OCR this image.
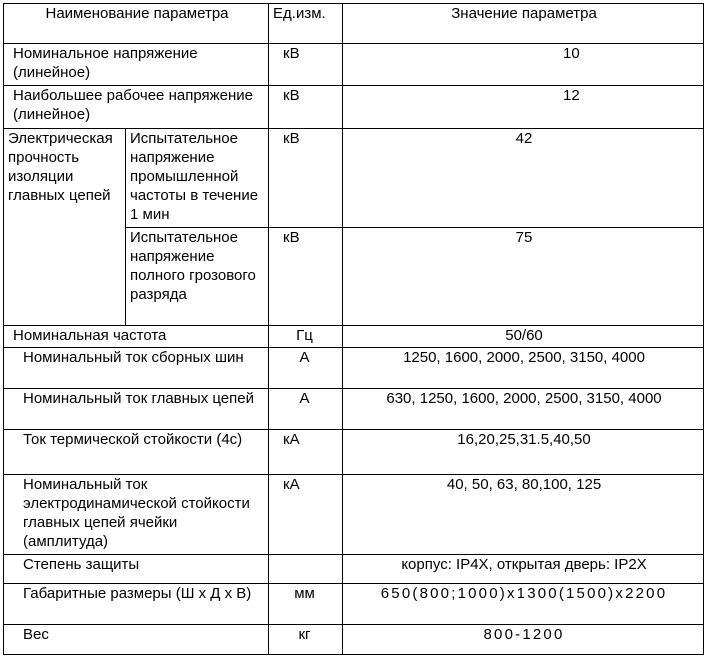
Наименование параметра		Ед.изм.	Значение параметра
Номинальное напряжение (линейное)		кВ	10
Наибольшее рабочее напряжение (линейное)		кВ	12
Электрическая прочность изоляции главных цепей	Испытательное напряжение промышленной частоты в течение 1 мин	кВ	42
	Испытательное напряжение полного грозового разряда	кВ	75
Номинальная частота		Гц	50/60
Номинальный ток сборных шин		А	1250, 1600, 2000, 2500, 3150, 4000
Номинальный ток главных цепей		А	630, 1250, 1600, 2000, 2500, 3150, 4000
Ток термической стойкости (4с)		кА	16,20,25,31.5,40,50
Номинальный ток электродинамической стойкости главных цепей ячейки (амплитуда)		кА	40, 50, 63, 80,100, 125
Степень защиты			корпус: IP4X, открытая дверь: IP2X
Габаритные размеры (Ш х Д х В)		мм	650(800;1000)x1300(1500)x2200
Вес		кг	800-1200
